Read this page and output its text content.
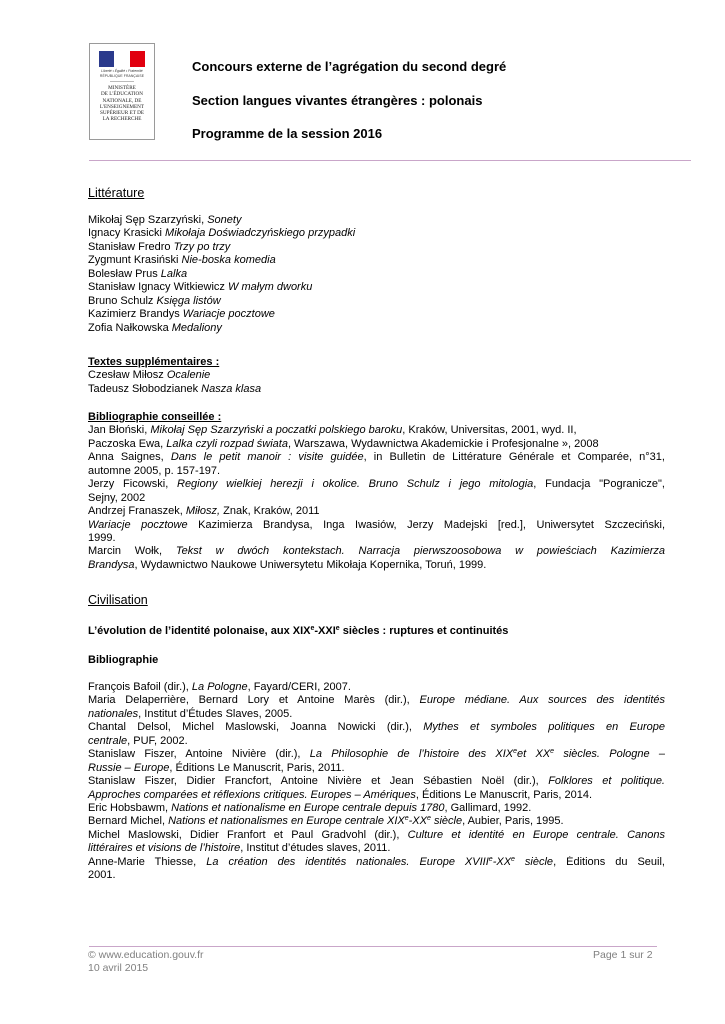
Liberté • Égalité • Fraternité
RÉPUBLIQUE FRANÇAISE
MINISTÈRE
DE L'ÉDUCATION
NATIONALE, DE
L'ENSEIGNEMENT
SUPÉRIEUR ET DE
LA RECHERCHE
Concours externe de l’agrégation du second degré
Section langues vivantes étrangères : polonais
Programme de la session 2016
Littérature
Mikołaj Sęp Szarzyński, Sonety
Ignacy Krasicki Mikołaja Doświadczyńskiego przypadki
Stanisław Fredro Trzy po trzy
Zygmunt Krasiński Nie-boska komedia
Bolesław Prus Lalka
Stanisław Ignacy Witkiewicz W małym dworku
Bruno Schulz Księga listów
Kazimierz Brandys Wariacje pocztowe
Zofia Nałkowska Medaliony
Textes supplémentaires :
Czesław Miłosz Ocalenie
Tadeusz Słobodzianek Nasza klasa
Bibliographie conseillée :
Jan Błoński, Mikołaj Sęp Szarzyński a poczatki polskiego baroku, Kraków, Universitas, 2001, wyd. II,
Paczoska Ewa, Lalka czyli rozpad świata, Warszawa, Wydawnictwa Akademickie i Profesjonalne », 2008
Anna Saignes, Dans le petit manoir : visite guidée, in Bulletin de Littérature Générale et Comparée, n°31,
automne 2005, p. 157-197.
Jerzy Ficowski, Regiony wielkiej herezji i okolice. Bruno Schulz i jego mitologia, Fundacja "Pogranicze",
Sejny, 2002
Andrzej Franaszek, Miłosz, Znak, Kraków, 2011
Wariacje pocztowe Kazimierza Brandysa, Inga Iwasiów, Jerzy Madejski [red.], Uniwersytet Szczeciński,
1999.
Marcin Wołk, Tekst w dwóch kontekstach. Narracja pierwszoosobowa w powieściach Kazimierza
Brandysa, Wydawnictwo Naukowe Uniwersytetu Mikołaja Kopernika, Toruń, 1999.
Civilisation
L’évolution de l’identité polonaise, aux XIXe-XXIe siècles : ruptures et continuités
Bibliographie
François Bafoil (dir.), La Pologne, Fayard/CERI, 2007.
Maria Delaperrière, Bernard Lory et Antoine Marès (dir.), Europe médiane. Aux sources des identités
nationales, Institut d’Études Slaves, 2005.
Chantal Delsol, Michel Maslowski, Joanna Nowicki (dir.), Mythes et symboles politiques en Europe
centrale, PUF, 2002.
Stanislaw Fiszer, Antoine Nivière (dir.), La Philosophie de l’histoire des XIXeet XXe siècles. Pologne –
Russie – Europe, Éditions Le Manuscrit, Paris, 2011.
Stanislaw Fiszer, Didier Francfort, Antoine Nivière et Jean Sébastien Noël (dir.), Folklores et politique.
Approches comparées et réflexions critiques. Europes – Amériques, Éditions Le Manuscrit, Paris, 2014.
Eric Hobsbawm, Nations et nationalisme en Europe centrale depuis 1780, Gallimard, 1992.
Bernard Michel, Nations et nationalismes en Europe centrale XIXe-XXe siècle, Aubier, Paris, 1995.
Michel Maslowski, Didier Franfort et Paul Gradvohl (dir.), Culture et identité en Europe centrale. Canons
littéraires et visions de l’histoire, Institut d’études slaves, 2011.
Anne-Marie Thiesse, La création des identités nationales. Europe XVIIIe-XXe siècle, Éditions du Seuil,
2001.
© www.education.gouv.fr
10 avril 2015
Page 1 sur 2
